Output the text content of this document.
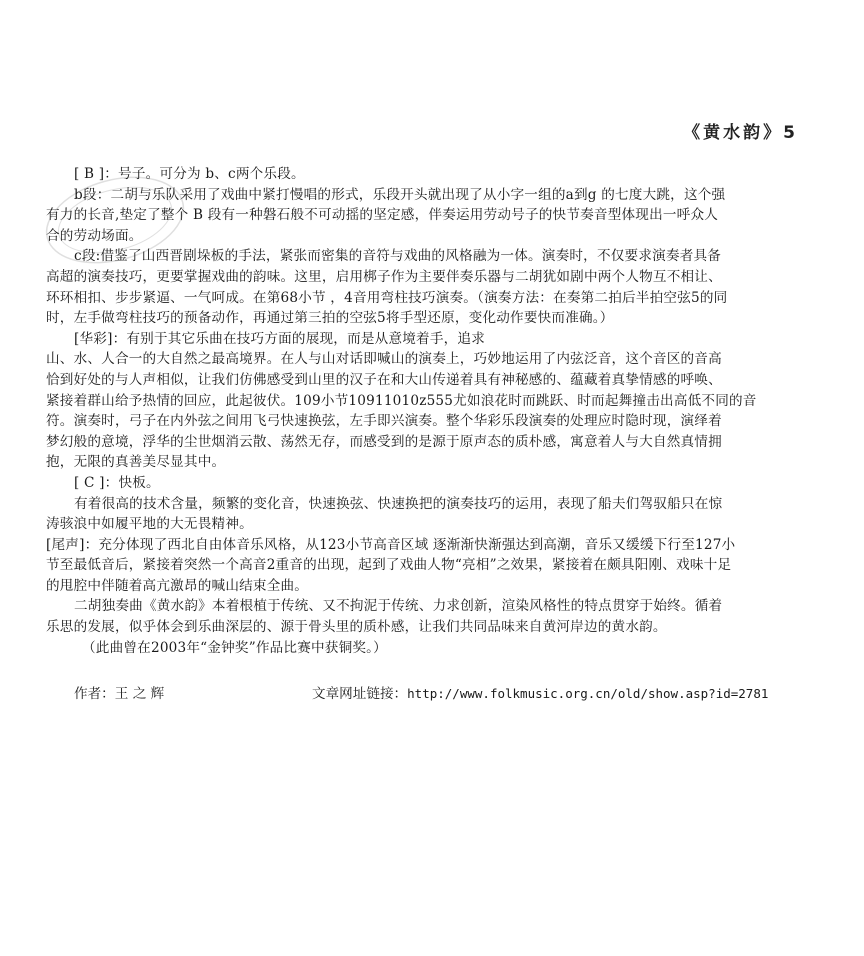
《黄水韵》5
[ B ]：号子。可分为 b、c两个乐段。
b段：二胡与乐队采用了戏曲中紧打慢唱的形式，乐段开头就出现了从小字一组的a到g 的七度大跳，这个强
有力的长音,垫定了整个 B 段有一种磐石般不可动摇的坚定感，伴奏运用劳动号子的快节奏音型体现出一呼众人
合的劳动场面。
c段:借鉴了山西晋剧垛板的手法，紧张而密集的音符与戏曲的风格融为一体。演奏时，不仅要求演奏者具备
高超的演奏技巧，更要掌握戏曲的韵味。这里，启用梆子作为主要伴奏乐器与二胡犹如剧中两个人物互不相让、
环环相扣、步步紧逼、一气呵成。在第68小节 ，4音用弯柱技巧演奏。（演奏方法：在奏第二拍后半拍空弦5的同
时，左手做弯柱技巧的预备动作，再通过第三拍的空弦5将手型还原，变化动作要快而准确。）
[华彩]：有别于其它乐曲在技巧方面的展现，而是从意境着手，追求
山、水、人合一的大自然之最高境界。在人与山对话即喊山的演奏上，巧妙地运用了内弦泛音，这个音区的音高
恰到好处的与人声相似，让我们仿佛感受到山里的汉子在和大山传递着具有神秘感的、蕴藏着真挚情感的呼唤、
紧接着群山给予热情的回应，此起彼伏。109小节10911010z555尤如浪花时而跳跃、时而起舞撞击出高低不同的音
符。演奏时，弓子在内外弦之间用飞弓快速换弦，左手即兴演奏。整个华彩乐段演奏的处理应时隐时现，演绎着
梦幻般的意境，浮华的尘世烟消云散、荡然无存，而感受到的是源于原声态的质朴感，寓意着人与大自然真情拥
抱，无限的真善美尽显其中。
[ C ]：快板。
有着很高的技术含量，频繁的变化音，快速换弦、快速换把的演奏技巧的运用，表现了船夫们驾驭船只在惊
涛骇浪中如履平地的大无畏精神。
[尾声]：充分体现了西北自由体音乐风格，从123小节高音区域 逐渐渐快渐强达到高潮，音乐又缓缓下行至127小
节至最低音后，紧接着突然一个高音2重音的出现，起到了戏曲人物“亮相”之效果，紧接着在颇具阳刚、戏味十足
的甩腔中伴随着高亢激昂的喊山结束全曲。
二胡独奏曲《黄水韵》本着根植于传统、又不拘泥于传统、力求创新，渲染风格性的特点贯穿于始终。循着
乐思的发展，似乎体会到乐曲深层的、源于骨头里的质朴感，让我们共同品味来自黄河岸边的黄水韵。
（此曲曾在2003年“金钟奖”作品比赛中获铜奖。）
作者：王 之 辉	文章网址链接：http://www.folkmusic.org.cn/old/show.asp?id=2781
